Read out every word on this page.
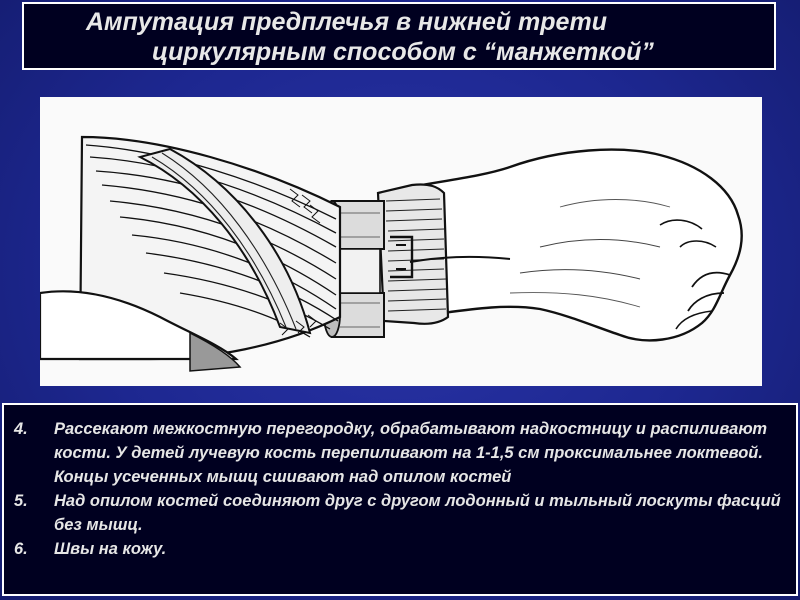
Ампутация предплечья в нижней трети
циркулярным способом с “манжеткой”
4. Рассекают межкостную перегородку, обрабатывают надкостницу и распиливают кости. У детей лучевую кость перепиливают на 1-1,5 см проксимальнее локтевой. Концы усеченных мышц сшивают над опилом костей
5. Над опилом костей соединяют друг с другом лодонный и тыльный лоскуты фасций без мышц.
6. Швы на кожу.
